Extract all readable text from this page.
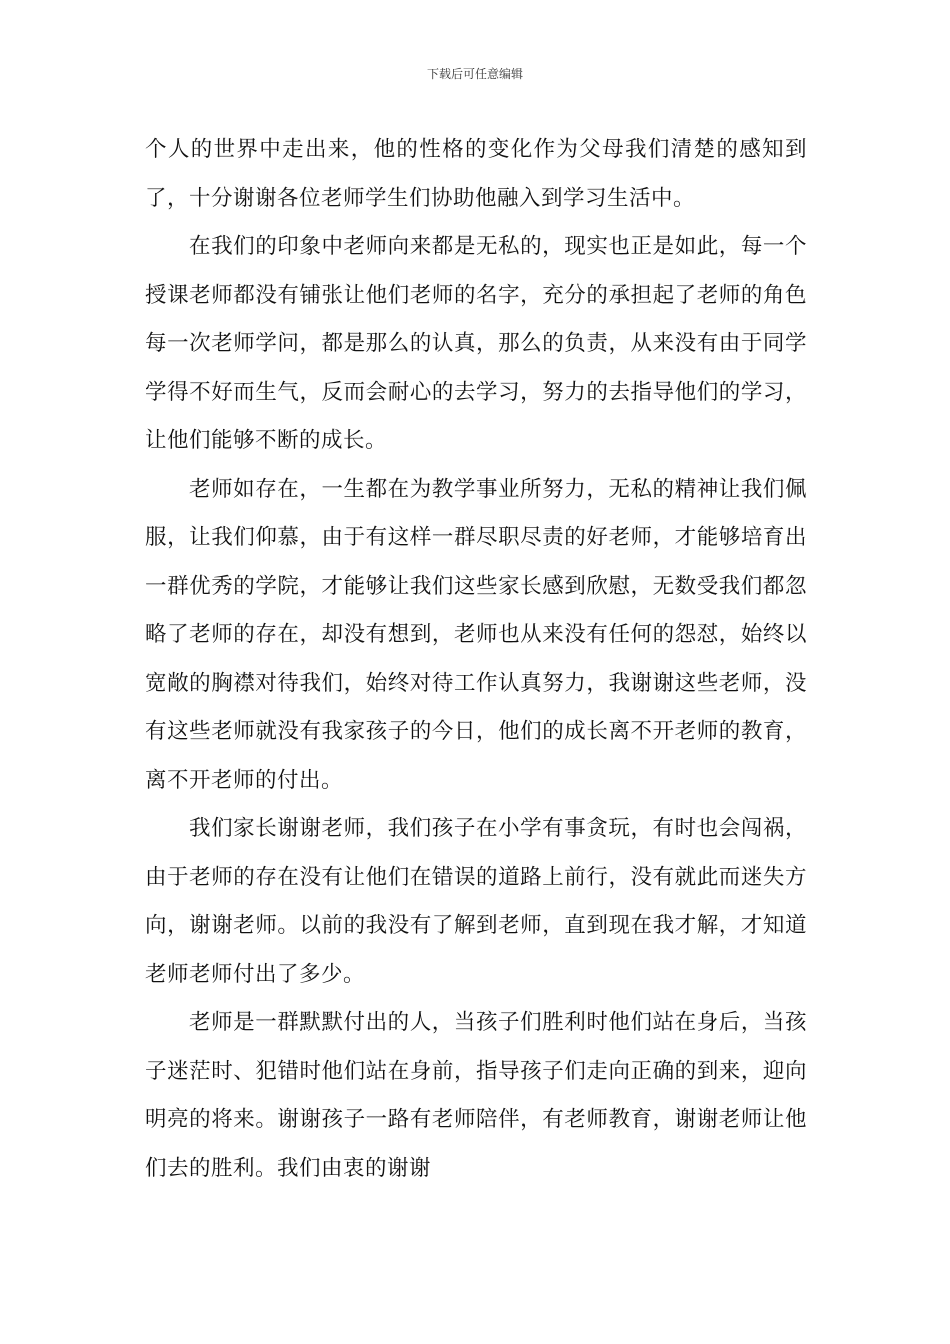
下载后可任意编辑

个人的世界中走出来，他的性格的变化作为父母我们清楚的感知到了，十分谢谢各位老师学生们协助他融入到学习生活中。

在我们的印象中老师向来都是无私的，现实也正是如此，每一个授课老师都没有铺张让他们老师的名字，充分的承担起了老师的角色每一次老师学问，都是那么的认真，那么的负责，从来没有由于同学学得不好而生气，反而会耐心的去学习，努力的去指导他们的学习，让他们能够不断的成长。

老师如存在，一生都在为教学事业所努力，无私的精神让我们佩服，让我们仰慕，由于有这样一群尽职尽责的好老师，才能够培育出一群优秀的学院，才能够让我们这些家长感到欣慰，无数受我们都忽略了老师的存在，却没有想到，老师也从来没有任何的怨怼，始终以宽敞的胸襟对待我们，始终对待工作认真努力，我谢谢这些老师，没有这些老师就没有我家孩子的今日，他们的成长离不开老师的教育，离不开老师的付出。

我们家长谢谢老师，我们孩子在小学有事贪玩，有时也会闯祸，由于老师的存在没有让他们在错误的道路上前行，没有就此而迷失方向，谢谢老师。以前的我没有了解到老师，直到现在我才解，才知道老师老师付出了多少。

老师是一群默默付出的人，当孩子们胜利时他们站在身后，当孩子迷茫时、犯错时他们站在身前，指导孩子们走向正确的到来，迎向明亮的将来。谢谢孩子一路有老师陪伴，有老师教育，谢谢老师让他们去的胜利。我们由衷的谢谢
